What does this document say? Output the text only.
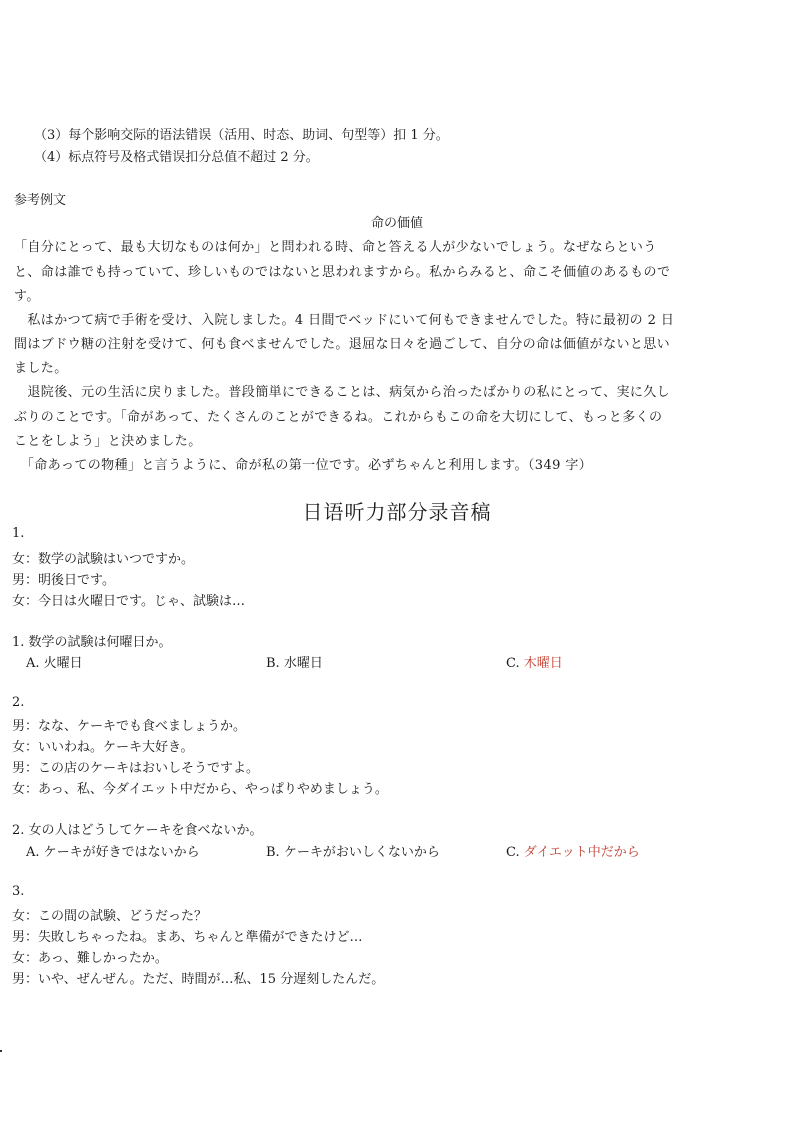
（3）每个影响交际的语法错误（活用、时态、助词、句型等）扣 1 分。
（4）标点符号及格式错误扣分总值不超过 2 分。
参考例文
命の価値
「自分にとって、最も大切なものは何か」と問われる時、命と答える人が少ないでしょう。なぜならという
と、命は誰でも持っていて、珍しいものではないと思われますから。私からみると、命こそ価値のあるもので
す。
　私はかつて病で手術を受け、入院しました。4 日間でベッドにいて何もできませんでした。特に最初の 2 日
間はブドウ糖の注射を受けて、何も食べませんでした。退屈な日々を過ごして、自分の命は価値がないと思い
ました。
　退院後、元の生活に戻りました。普段簡単にできることは、病気から治ったばかりの私にとって、実に久し
ぶりのことです。「命があって、たくさんのことができるね。これからもこの命を大切にして、もっと多くの
ことをしよう」と決めました。
　「命あっての物種」と言うように、命が私の第一位です。必ずちゃんと利用します。（349 字）
日语听力部分录音稿
1.
女：数学の試験はいつですか。
男：明後日です。
女：今日は火曜日です。じゃ、試験は…
1. 数学の試験は何曜日か。
A. 火曜日	B. 水曜日	C. 木曜日
2.
男：なな、ケーキでも食べましょうか。
女：いいわね。ケーキ大好き。
男：この店のケーキはおいしそうですよ。
女：あっ、私、今ダイエット中だから、やっぱりやめましょう。
2. 女の人はどうしてケーキを食べないか。
A. ケーキが好きではないから	B. ケーキがおいしくないから	C. ダイエット中だから
3.
女：この間の試験、どうだった？
男：失敗しちゃったね。まあ、ちゃんと準備ができたけど…
女：あっ、難しかったか。
男：いや、ぜんぜん。ただ、時間が…私、15 分遅刻したんだ。
